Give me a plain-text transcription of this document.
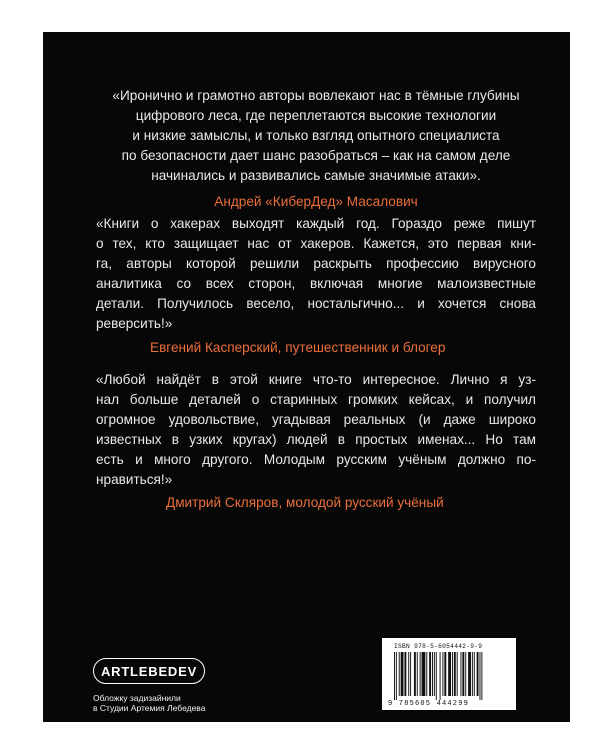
«Иронично и грамотно авторы вовлекают нас в тёмные глубины
цифрового леса, где переплетаются высокие технологии
и низкие замыслы, и только взгляд опытного специалиста
по безопасности дает шанс разобраться – как на самом деле
начинались и развивались самые значимые атаки».
Андрей «КиберДед» Масалович
«Книги о хакерах выходят каждый год. Гораздо реже пишут
о тех, кто защищает нас от хакеров. Кажется, это первая кни-
га, авторы которой решили раскрыть профессию вирусного
аналитика со всех сторон, включая многие малоизвестные
детали. Получилось весело, ностальгично... и хочется снова
реверсить!»
Евгений Касперский, путешественник и блогер
«Любой найдёт в этой книге что-то интересное. Лично я уз-
нал больше деталей о старинных громких кейсах, и получил
огромное удовольствие, угадывая реальных (и даже широко
известных в узких кругах) людей в простых именах... Но там
есть и много другого. Молодым русским учёным должно по-
нравиться!»
Дмитрий Скляров, молодой русский учёный
ARTLEBEDEV
Обложку задизайнили
в Студии Артемия Лебедева
ISBN 978-5-6054442-9-9
9 785605 444299
